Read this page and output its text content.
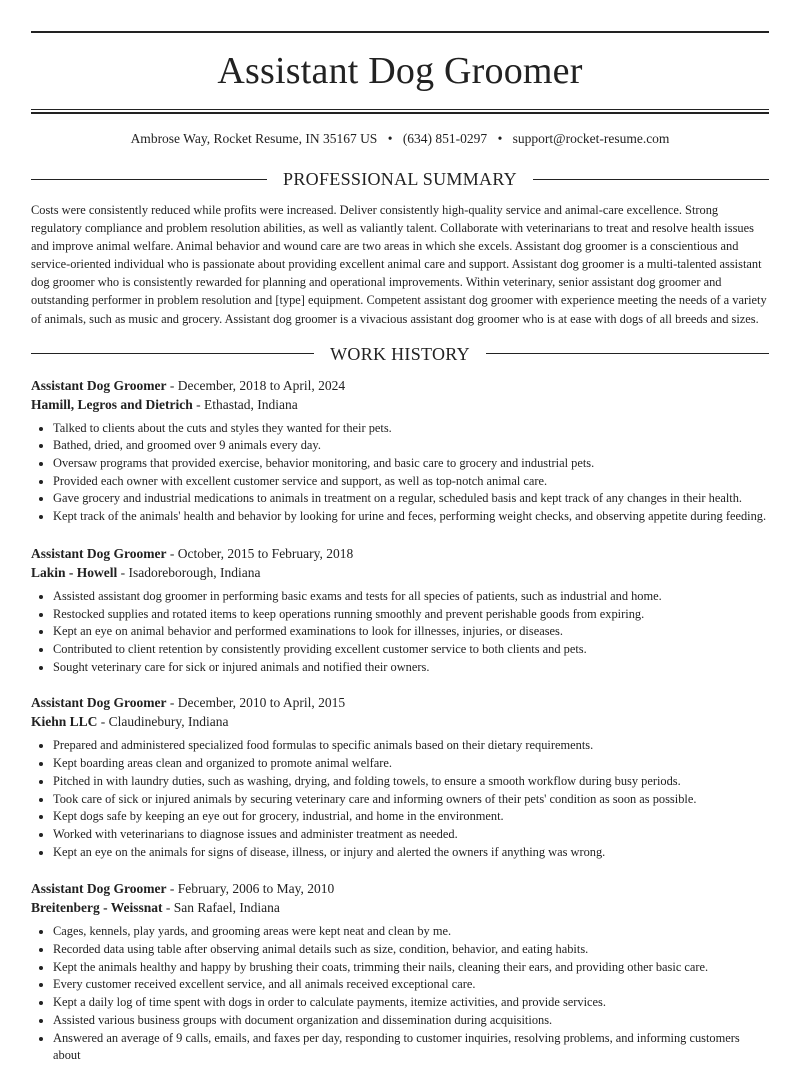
Assistant Dog Groomer
Ambrose Way, Rocket Resume, IN 35167 US • (634) 851-0297 • support@rocket-resume.com
PROFESSIONAL SUMMARY
Costs were consistently reduced while profits were increased. Deliver consistently high-quality service and animal-care excellence. Strong regulatory compliance and problem resolution abilities, as well as valiantly talent. Collaborate with veterinarians to treat and resolve health issues and improve animal welfare. Animal behavior and wound care are two areas in which she excels. Assistant dog groomer is a conscientious and service-oriented individual who is passionate about providing excellent animal care and support. Assistant dog groomer is a multi-talented assistant dog groomer who is consistently rewarded for planning and operational improvements. Within veterinary, senior assistant dog groomer and outstanding performer in problem resolution and [type] equipment. Competent assistant dog groomer with experience meeting the needs of a variety of animals, such as music and grocery. Assistant dog groomer is a vivacious assistant dog groomer who is at ease with dogs of all breeds and sizes.
WORK HISTORY
Assistant Dog Groomer - December, 2018 to April, 2024
Hamill, Legros and Dietrich - Ethastad, Indiana
• Talked to clients about the cuts and styles they wanted for their pets.
• Bathed, dried, and groomed over 9 animals every day.
• Oversaw programs that provided exercise, behavior monitoring, and basic care to grocery and industrial pets.
• Provided each owner with excellent customer service and support, as well as top-notch animal care.
• Gave grocery and industrial medications to animals in treatment on a regular, scheduled basis and kept track of any changes in their health.
• Kept track of the animals' health and behavior by looking for urine and feces, performing weight checks, and observing appetite during feeding.
Assistant Dog Groomer - October, 2015 to February, 2018
Lakin - Howell - Isadoreborough, Indiana
• Assisted assistant dog groomer in performing basic exams and tests for all species of patients, such as industrial and home.
• Restocked supplies and rotated items to keep operations running smoothly and prevent perishable goods from expiring.
• Kept an eye on animal behavior and performed examinations to look for illnesses, injuries, or diseases.
• Contributed to client retention by consistently providing excellent customer service to both clients and pets.
• Sought veterinary care for sick or injured animals and notified their owners.
Assistant Dog Groomer - December, 2010 to April, 2015
Kiehn LLC - Claudinebury, Indiana
• Prepared and administered specialized food formulas to specific animals based on their dietary requirements.
• Kept boarding areas clean and organized to promote animal welfare.
• Pitched in with laundry duties, such as washing, drying, and folding towels, to ensure a smooth workflow during busy periods.
• Took care of sick or injured animals by securing veterinary care and informing owners of their pets' condition as soon as possible.
• Kept dogs safe by keeping an eye out for grocery, industrial, and home in the environment.
• Worked with veterinarians to diagnose issues and administer treatment as needed.
• Kept an eye on the animals for signs of disease, illness, or injury and alerted the owners if anything was wrong.
Assistant Dog Groomer - February, 2006 to May, 2010
Breitenberg - Weissnat - San Rafael, Indiana
• Cages, kennels, play yards, and grooming areas were kept neat and clean by me.
• Recorded data using table after observing animal details such as size, condition, behavior, and eating habits.
• Kept the animals healthy and happy by brushing their coats, trimming their nails, cleaning their ears, and providing other basic care.
• Every customer received excellent service, and all animals received exceptional care.
• Kept a daily log of time spent with dogs in order to calculate payments, itemize activities, and provide services.
• Assisted various business groups with document organization and dissemination during acquisitions.
• Answered an average of 9 calls, emails, and faxes per day, responding to customer inquiries, resolving problems, and informing customers about
